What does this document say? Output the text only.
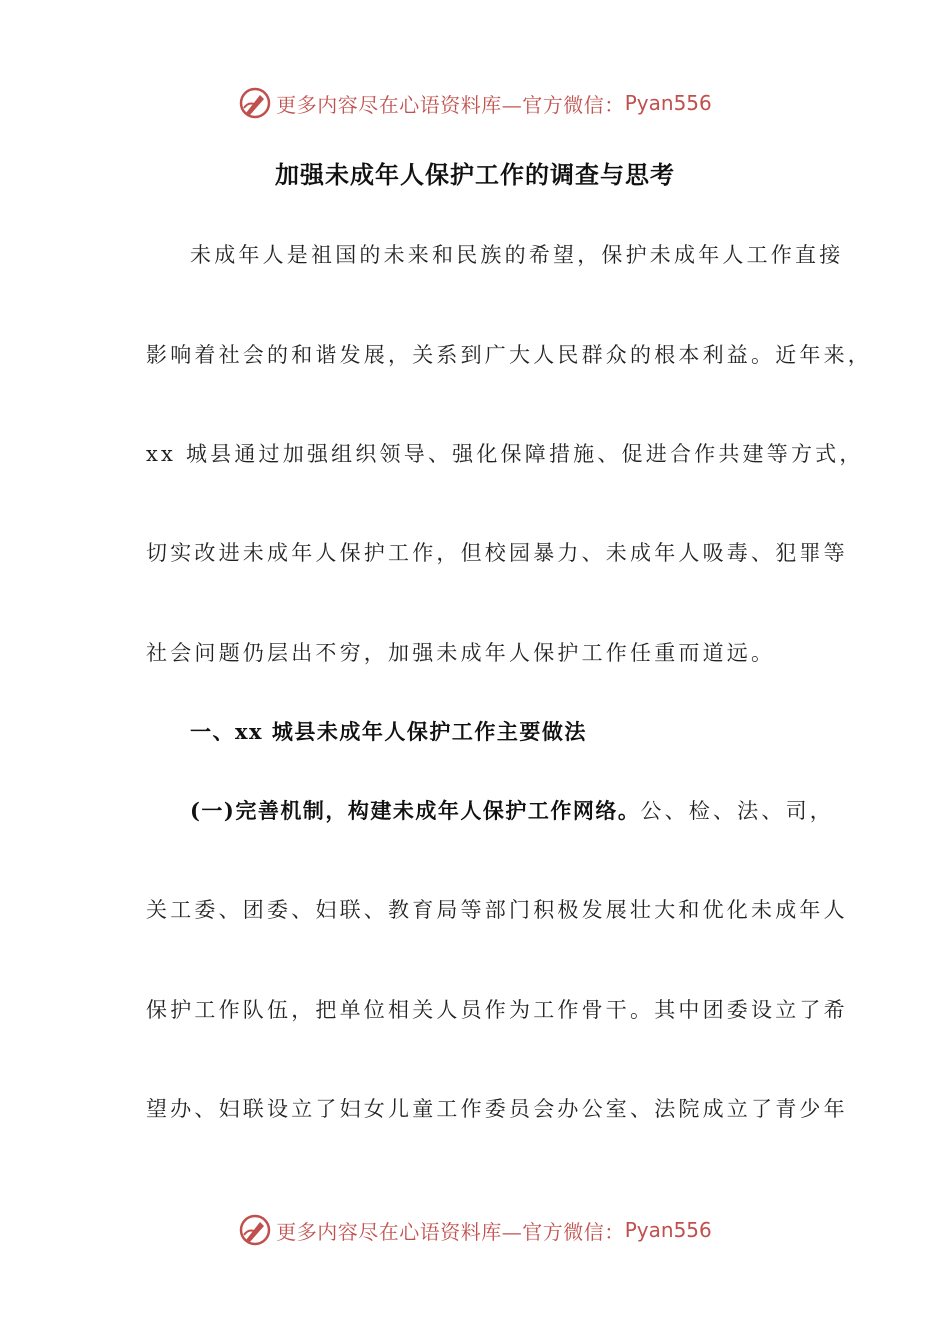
更多内容尽在心语资料库—官方微信： Pyan556
加强未成年人保护工作的调查与思考

未成年人是祖国的未来和民族的希望，保护未成年人工作直接

影响着社会的和谐发展，关系到广大人民群众的根本利益。近年来，

xx 城县通过加强组织领导、强化保障措施、促进合作共建等方式，

切实改进未成年人保护工作，但校园暴力、未成年人吸毒、犯罪等

社会问题仍层出不穷，加强未成年人保护工作任重而道远。

一、xx 城县未成年人保护工作主要做法

(一)完善机制，构建未成年人保护工作网络。公、检、法、司，

关工委、团委、妇联、教育局等部门积极发展壮大和优化未成年人

保护工作队伍，把单位相关人员作为工作骨干。其中团委设立了希

望办、妇联设立了妇女儿童工作委员会办公室、法院成立了青少年

更多内容尽在心语资料库—官方微信： Pyan556
